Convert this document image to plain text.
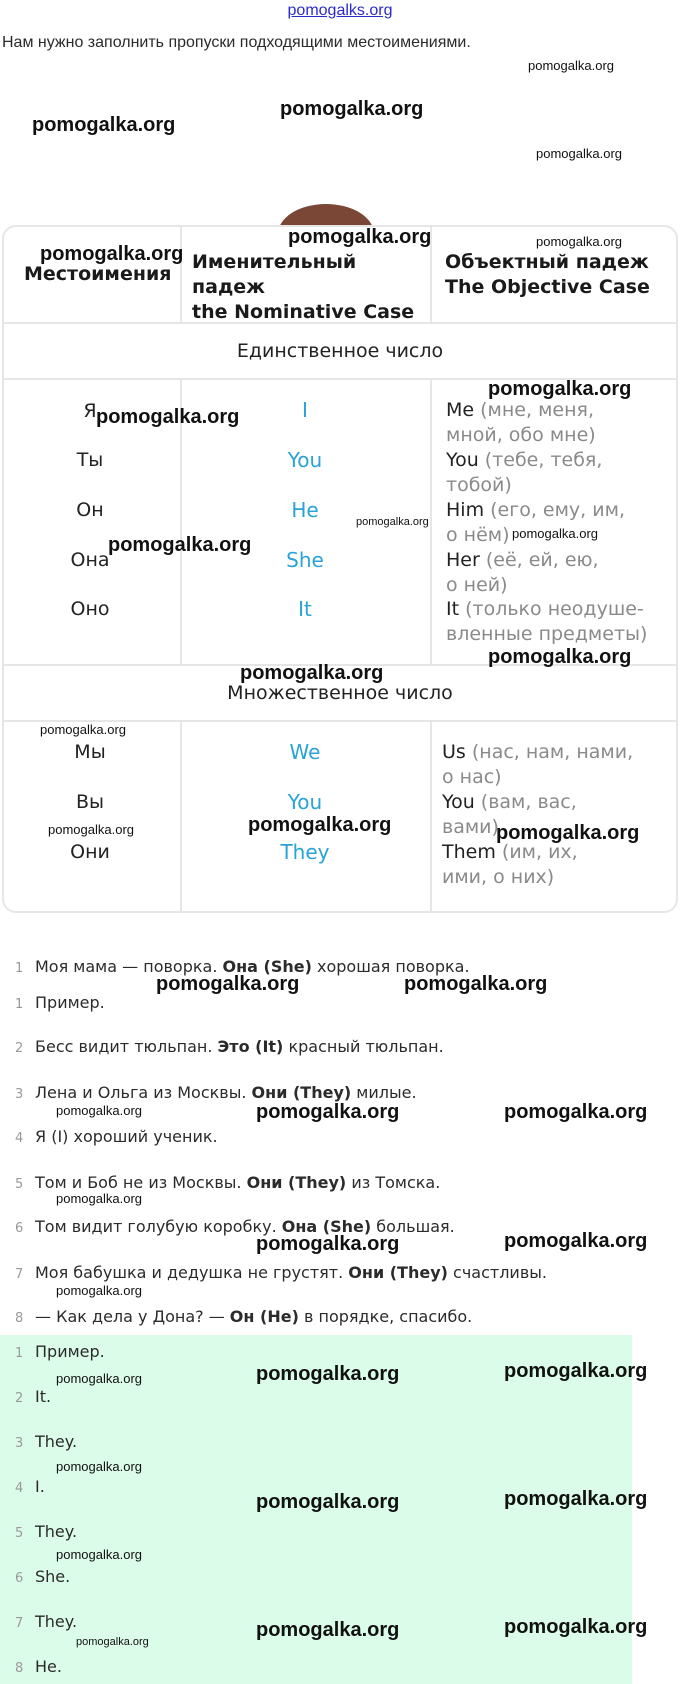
pomogalks.org
Нам нужно заполнить пропуски подходящими местоимениями.
Местоимения
Именительный падеж
the Nominative Case
Объектный падеж
The Objective Case
Единственное число
Множественное число
Я	I	Me (мне, меня,
мной, обо мне)
Ты	You	You (тебе, тебя,
тобой)
Он	He	Him (его, ему, им,
о нём)
Она	She	Her (её, ей, ею,
о ней)
Оно	It	It (только неодуше-
вленные предметы)
Мы	We	Us (нас, нам, нами,
о нас)
Вы	You	You (вам, вас,
вами)
Они	They	Them (им, их,
ими, о них)
1 Моя мама — поворка. Она (She) хорошая поворка.
1 Пример.
2 Бесс видит тюльпан. Это (It) красный тюльпан.
3 Лена и Ольга из Москвы. Они (They) милые.
4 Я (I) хороший ученик.
5 Том и Боб не из Москвы. Они (They) из Томска.
6 Том видит голубую коробку. Она (She) большая.
7 Моя бабушка и дедушка не грустят. Они (They) счастливы.
8 — Как дела у Дона? — Он (He) в порядке, спасибо.
1 Пример.
2 It.
3 They.
4 I.
5 They.
6 She.
7 They.
8 He.
pomogalka.org
pomogalka.org
pomogalka.org
pomogalka.org
pomogalka.org	pomogalka.org
pomogalka.org
pomogalka.org
pomogalka.org
pomogalka.org
pomogalka.org
pomogalka.org
pomogalka.org
pomogalka.org
pomogalka.org
pomogalka.org	pomogalka.org	pomogalka.org
pomogalka.org	pomogalka.org
pomogalka.org	pomogalka.org	pomogalka.org
pomogalka.org
pomogalka.org	pomogalka.org
pomogalka.org
pomogalka.org	pomogalka.org	pomogalka.org
pomogalka.org
pomogalka.org	pomogalka.org
pomogalka.org
pomogalka.org
pomogalka.org	pomogalka.org
